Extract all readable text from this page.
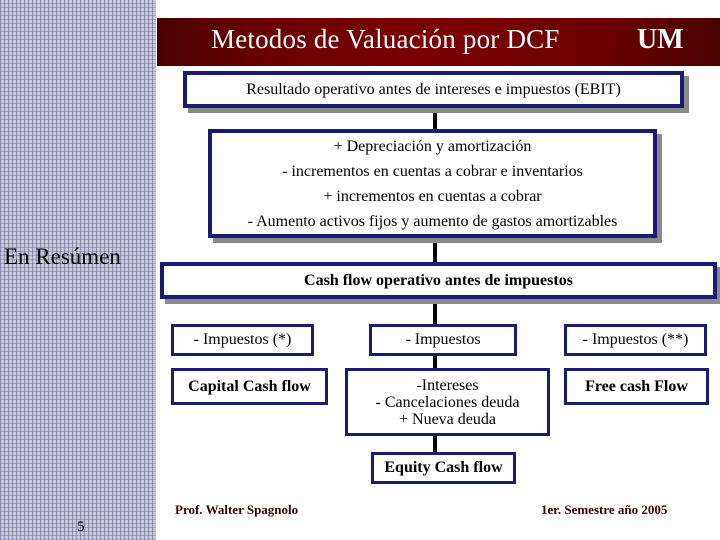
Metodos de Valuación por DCF	UM
Resultado operativo antes de intereses e impuestos (EBIT)
+ Depreciación y amortización
- incrementos en cuentas a cobrar e inventarios
+ incrementos en cuentas a cobrar
- Aumento activos fijos y aumento de gastos amortizables
En Resúmen
Cash flow operativo antes de impuestos
- Impuestos (*)	- Impuestos	- Impuestos (**)
Capital Cash flow	-Intereses
- Cancelaciones deuda
+ Nueva deuda
Free cash Flow
Equity Cash flow
5
Prof. Walter Spagnolo	1er. Semestre año 2005
